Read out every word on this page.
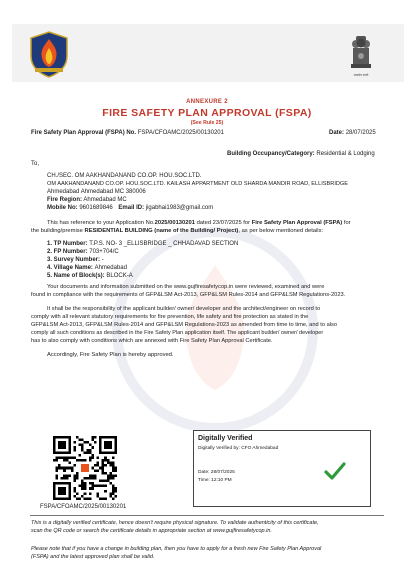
सत्यमेव जयते
ANNEXURE 2
FIRE SAFETY PLAN APPROVAL (FSPA)
(See Rule 25)
Fire Safety Plan Approval (FSPA) No. FSPA/CFOAMC/2025/00130201	Date: 28/07/2025
Building Occupancy/Category: Residential & Lodging
To,
CH./SEC. OM AAKHANDANAND CO.OP. HOU.SOC.LTD.
OM AAKHANDANAND CO.OP. HOU.SOC.LTD. KAILASH APPARTMENT OLD SHARDA MANDIR ROAD, ELLISBRIDGE
Ahmedabad Ahmedabad MC 380006
Fire Region: Ahmedabad MC
Mobile No: 9601689846 Email ID: jigabhai1983@gmail.com
This has reference to your Application No.2025/00130201 dated 23/07/2025 for Fire Safety Plan Approval (FSPA) for
the building/premise RESIDENTIAL BUILDING (name of the Building/ Project), as per below mentioned details:
1. TP Number: T.P.S. NO- 3 _ELLISBRIDGE _ CHHADAVAD SECTION
2. FP Number: 703+704/C
3. Survey Number: -
4. Village Name: Ahmedabad
5. Name of Block(s): BLOCK-A
Your documents and information submitted on the www.gujfiresafetycop.in were reviewed, examined and were
found in compliance with the requirements of GFP&LSM Act-2013, GFP&LSM Rules-2014 and GFP&LSM Regulations-2023.
It shall be the responsibility of the applicant builder/ owner/ developer and the architect/engineer on record to
comply with all relevant statutory requirements for fire prevention, life safety and fire protection as stated in the
GFP&LSM Act-2013, GFP&LSM Rules-2014 and GFP&LSM Regulations-2023 as amended from time to time, and to also
comply all such conditions as described in the Fire Safety Plan application itself. The applicant builder/ owner/ developer
has to also comply with conditions which are annexed with Fire Safety Plan Approval Certificate.
Accordingly, Fire Safety Plan is hereby approved.
FSPA/CFOAMC/2025/00130201
Digitally Verified
Digitally Verified by: CFO Ahmedabad
Date: 28/07/2025
Time: 12:10 PM
This is a digitally verified certificate, hence doesn't require physical signature. To validate authenticity of this certificate,
scan the QR code or search the certificate details in appropriate section at www.gujfiresafetycop.in.
Please note that if you have a change in building plan, then you have to apply for a fresh new Fire Safety Plan Approval
(FSPA) and the latest approved plan shall be valid.
